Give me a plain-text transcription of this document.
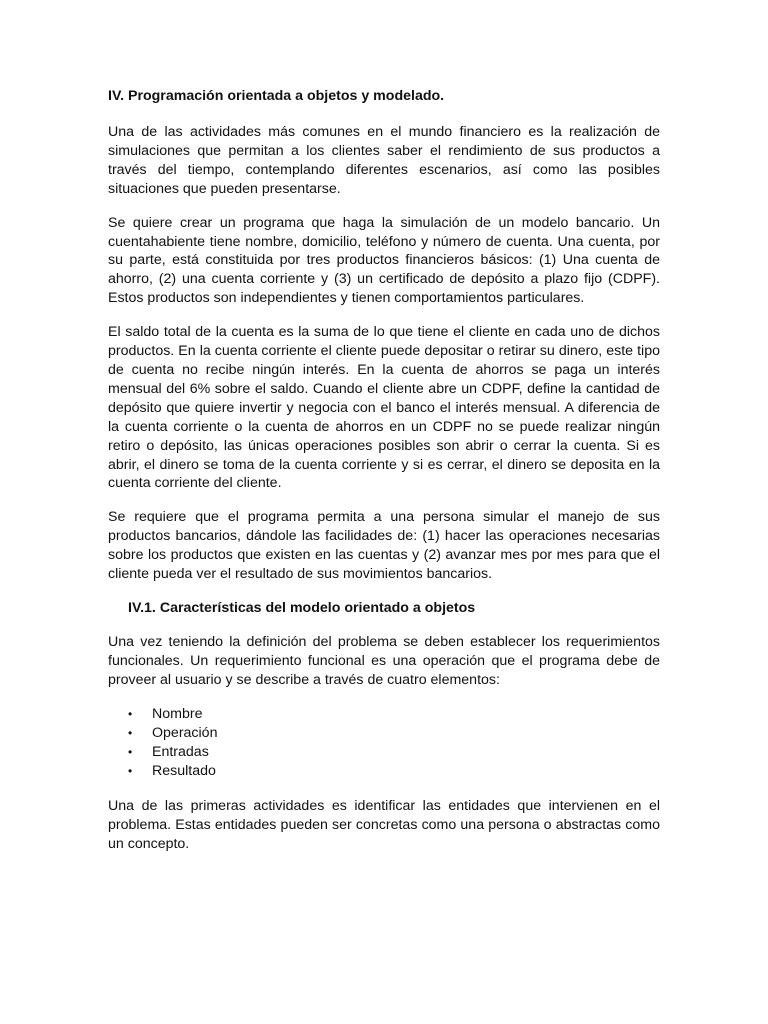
IV. Programación orientada a objetos y modelado.

Una de las actividades más comunes en el mundo financiero es la realización de simulaciones que permitan a los clientes saber el rendimiento de sus productos a través del tiempo, contemplando diferentes escenarios, así como las posibles situaciones que pueden presentarse.

Se quiere crear un programa que haga la simulación de un modelo bancario. Un cuentahabiente tiene nombre, domicilio, teléfono y número de cuenta. Una cuenta, por su parte, está constituida por tres productos financieros básicos: (1) Una cuenta de ahorro, (2) una cuenta corriente y (3) un certificado de depósito a plazo fijo (CDPF). Estos productos son independientes y tienen comportamientos particulares.

El saldo total de la cuenta es la suma de lo que tiene el cliente en cada uno de dichos productos. En la cuenta corriente el cliente puede depositar o retirar su dinero, este tipo de cuenta no recibe ningún interés. En la cuenta de ahorros se paga un interés mensual del 6% sobre el saldo. Cuando el cliente abre un CDPF, define la cantidad de depósito que quiere invertir y negocia con el banco el interés mensual. A diferencia de la cuenta corriente o la cuenta de ahorros en un CDPF no se puede realizar ningún retiro o depósito, las únicas operaciones posibles son abrir o cerrar la cuenta. Si es abrir, el dinero se toma de la cuenta corriente y si es cerrar, el dinero se deposita en la cuenta corriente del cliente.

Se requiere que el programa permita a una persona simular el manejo de sus productos bancarios, dándole las facilidades de: (1) hacer las operaciones necesarias sobre los productos que existen en las cuentas y (2) avanzar mes por mes para que el cliente pueda ver el resultado de sus movimientos bancarios.

IV.1. Características del modelo orientado a objetos

Una vez teniendo la definición del problema se deben establecer los requerimientos funcionales. Un requerimiento funcional es una operación que el programa debe de proveer al usuario y se describe a través de cuatro elementos:

•	Nombre
•	Operación
•	Entradas
•	Resultado

Una de las primeras actividades es identificar las entidades que intervienen en el problema. Estas entidades pueden ser concretas como una persona o abstractas como un concepto.
